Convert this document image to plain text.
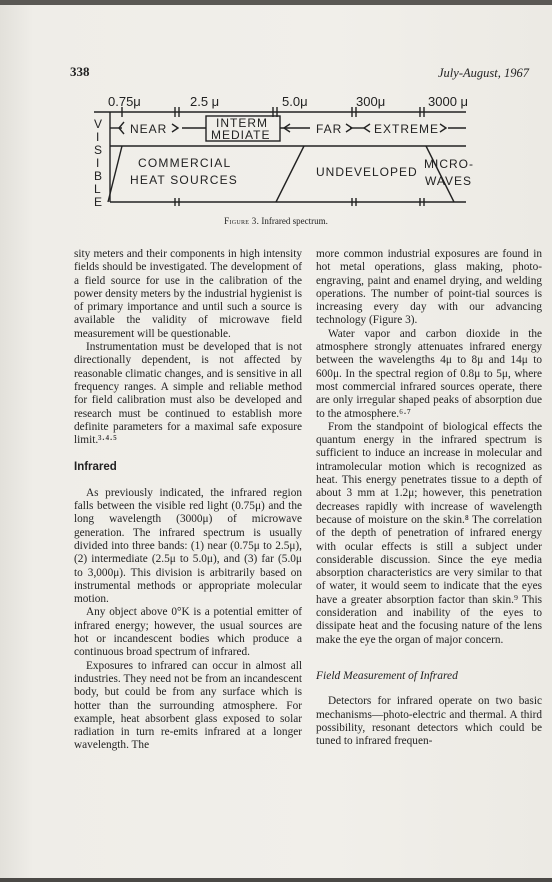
338	July-August, 1967
0.75μ	2.5 μ	5.0μ	300μ	3000 μ
V
I
S
I
B
L
E
NEAR	INTERM
MEDIATE	FAR	EXTREME
COMMERCIAL
HEAT SOURCES
UNDEVELOPED
MICRO-
WAVES
Figure 3. Infrared spectrum.

sity meters and their components in high intensity fields should be investigated. The development of a field source for use in the calibration of the power density meters by the industrial hygienist is of primary importance and until such a source is available the validity of microwave field measurement will be questionable.

Instrumentation must be developed that is not directionally dependent, is not affected by reasonable climatic changes, and is sensitive in all frequency ranges. A simple and reliable method for field calibration must also be developed and research must be continued to establish more definite parameters for a maximal safe exposure limit.³·⁴·⁵

Infrared

As previously indicated, the infrared region falls between the visible red light (0.75μ) and the long wavelength (3000μ) of microwave generation. The infrared spectrum is usually divided into three bands: (1) near (0.75μ to 2.5μ), (2) intermediate (2.5μ to 5.0μ), and (3) far (5.0μ to 3,000μ). This division is arbitrarily based on instrumental methods or appropriate molecular motion.

Any object above 0°K is a potential emitter of infrared energy; however, the usual sources are hot or incandescent bodies which produce a continuous broad spectrum of infrared.

Exposures to infrared can occur in almost all industries. They need not be from an incandescent body, but could be from any surface which is hotter than the surrounding atmosphere. For example, heat absorbent glass exposed to solar radiation in turn re-emits infrared at a longer wavelength. The

more common industrial exposures are found in hot metal operations, glass making, photo-engraving, paint and enamel drying, and welding operations. The number of point-tial sources is increasing every day with our advancing technology (Figure 3).

Water vapor and carbon dioxide in the atmosphere strongly attenuates infrared energy between the wavelengths 4μ to 8μ and 14μ to 600μ. In the spectral region of 0.8μ to 5μ, where most commercial infrared sources operate, there are only irregular shaped peaks of absorption due to the atmosphere.⁶·⁷

From the standpoint of biological effects the quantum energy in the infrared spectrum is sufficient to induce an increase in molecular and intramolecular motion which is recognized as heat. This energy penetrates tissue to a depth of about 3 mm at 1.2μ; however, this penetration decreases rapidly with increase of wavelength because of moisture on the skin.⁸ The correlation of the depth of penetration of infrared energy with ocular effects is still a subject under considerable discussion. Since the eye media absorption characteristics are very similar to that of water, it would seem to indicate that the eyes have a greater absorption factor than skin.⁹ This consideration and inability of the eyes to dissipate heat and the focusing nature of the lens make the eye the organ of major concern.

Field Measurement of Infrared

Detectors for infrared operate on two basic mechanisms—photo-electric and thermal. A third possibility, resonant detectors which could be tuned to infrared frequen-
